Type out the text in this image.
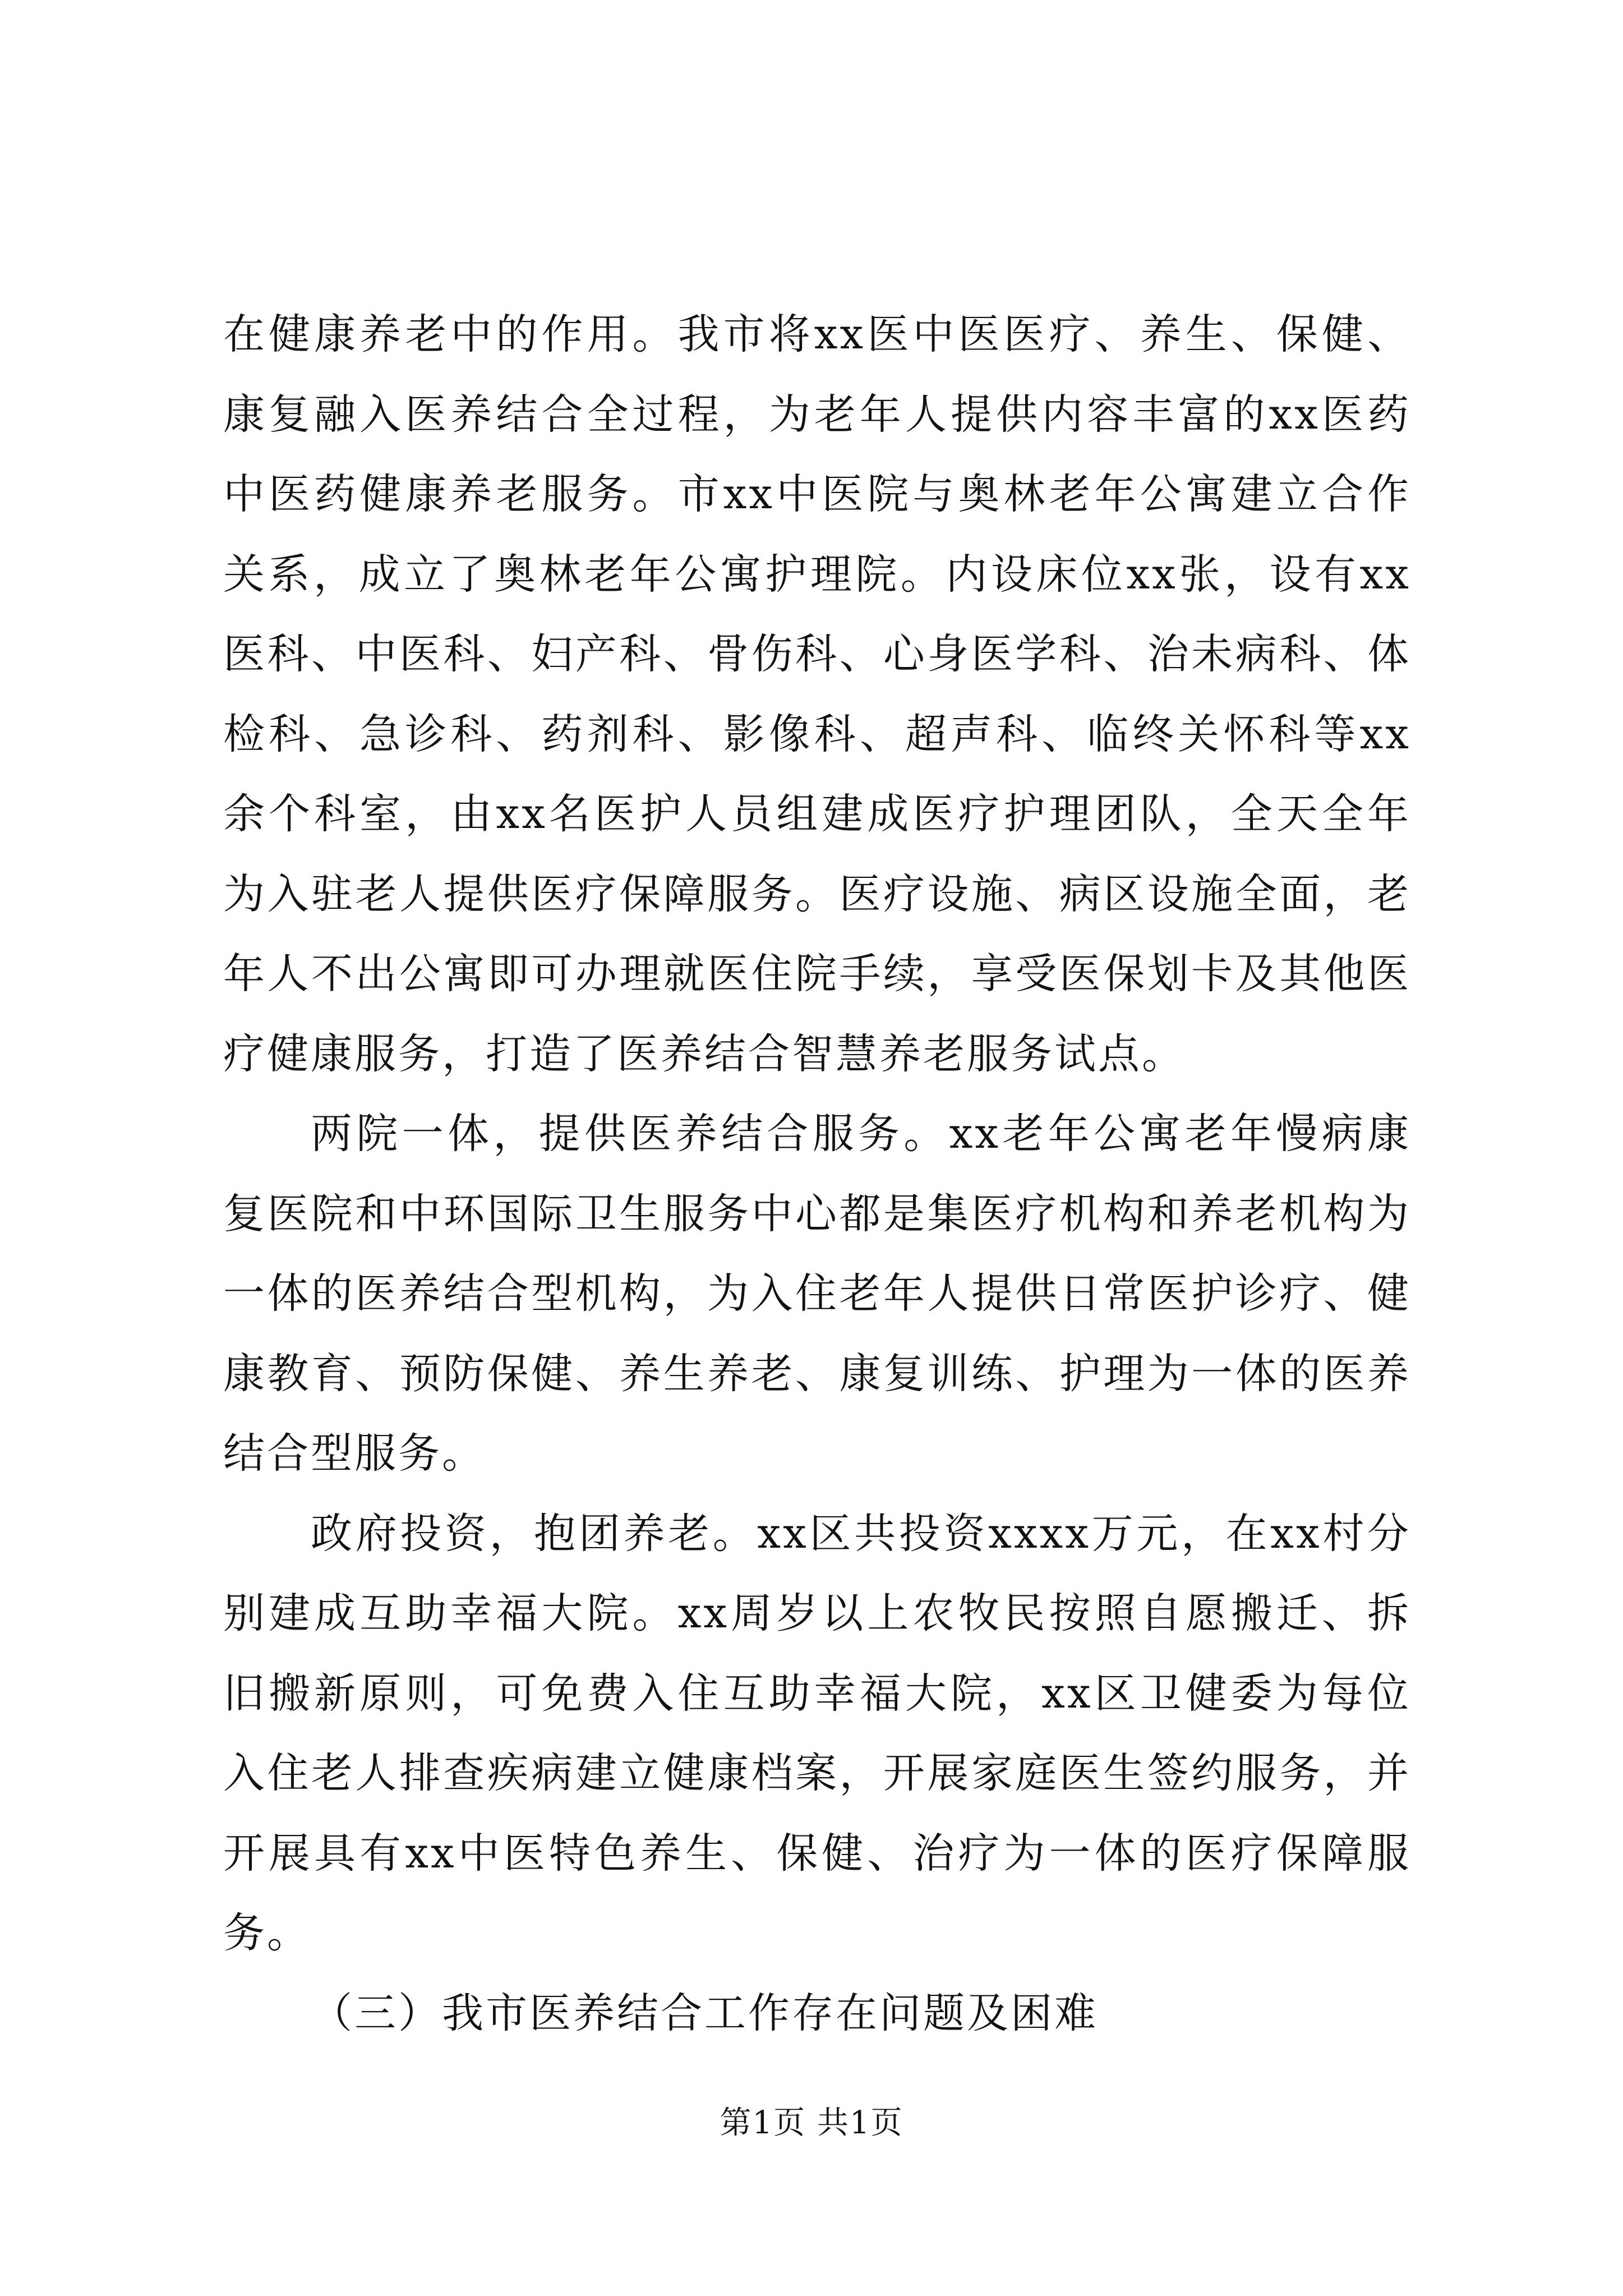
在健康养老中的作用。我市将xx医中医医疗、养生、保健、康复融入医养结合全过程，为老年人提供内容丰富的xx医药中医药健康养老服务。市xx中医院与奥林老年公寓建立合作关系，成立了奥林老年公寓护理院。内设床位xx张，设有xx医科、中医科、妇产科、骨伤科、心身医学科、治未病科、体检科、急诊科、药剂科、影像科、超声科、临终关怀科等xx余个科室，由xx名医护人员组建成医疗护理团队，全天全年为入驻老人提供医疗保障服务。医疗设施、病区设施全面，老年人不出公寓即可办理就医住院手续，享受医保划卡及其他医疗健康服务，打造了医养结合智慧养老服务试点。

两院一体，提供医养结合服务。xx老年公寓老年慢病康复医院和中环国际卫生服务中心都是集医疗机构和养老机构为一体的医养结合型机构，为入住老年人提供日常医护诊疗、健康教育、预防保健、养生养老、康复训练、护理为一体的医养结合型服务。

政府投资，抱团养老。xx区共投资xxxx万元，在xx村分别建成互助幸福大院。xx周岁以上农牧民按照自愿搬迁、拆旧搬新原则，可免费入住互助幸福大院，xx区卫健委为每位入住老人排查疾病建立健康档案，开展家庭医生签约服务，并开展具有xx中医特色养生、保健、治疗为一体的医疗保障服务。

（三）我市医养结合工作存在问题及困难

第1页 共1页
